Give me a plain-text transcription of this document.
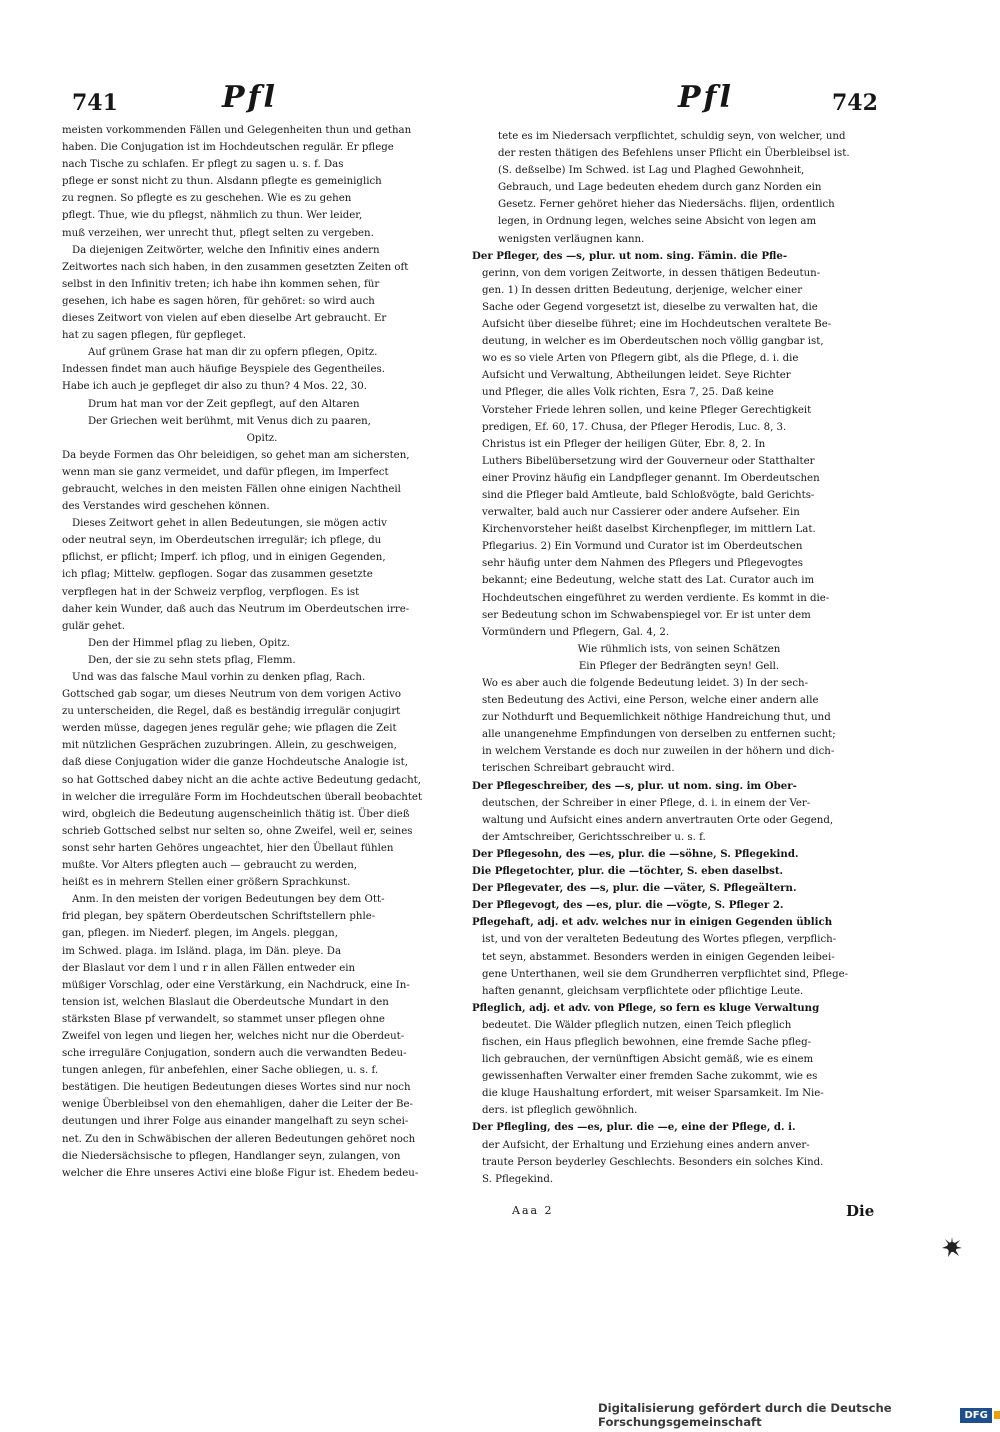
741	Pfl	Pfl	742
meisten vorkommenden Fällen und Gelegenheiten thun und gethan
haben. Die Conjugation ist im Hochdeutschen regulär. Er pflege
nach Tische zu schlafen. Er pflegt zu sagen u. s. f. Das
pflege er sonst nicht zu thun. Alsdann pflegte es gemeiniglich
zu regnen. So pflegte es zu geschehen. Wie es zu gehen
pflegt. Thue, wie du pflegst, nähmlich zu thun. Wer leider,
muß verzeihen, wer unrecht thut, pflegt selten zu vergeben.
Da diejenigen Zeitwörter, welche den Infinitiv eines andern
Zeitwortes nach sich haben, in den zusammen gesetzten Zeiten oft
selbst in den Infinitiv treten; ich habe ihn kommen sehen, für
gesehen, ich habe es sagen hören, für gehöret: so wird auch
dieses Zeitwort von vielen auf eben dieselbe Art gebraucht. Er
hat zu sagen pflegen, für gepfleget.
Auf grünem Grase hat man dir zu opfern pflegen, Opitz.
Indessen findet man auch häufige Beyspiele des Gegentheiles.
Habe ich auch je gepfleget dir also zu thun? 4 Mos. 22, 30.
Drum hat man vor der Zeit gepflegt, auf den Altaren
Der Griechen weit berühmt, mit Venus dich zu paaren,
Opitz.
Da beyde Formen das Ohr beleidigen, so gehet man am sichersten,
wenn man sie ganz vermeidet, und dafür pflegen, im Imperfect
gebraucht, welches in den meisten Fällen ohne einigen Nachtheil
des Verstandes wird geschehen können.
Dieses Zeitwort gehet in allen Bedeutungen, sie mögen activ
oder neutral seyn, im Oberdeutschen irregulär; ich pflege, du
pflichst, er pflicht; Imperf. ich pflog, und in einigen Gegenden,
ich pflag; Mittelw. gepflogen. Sogar das zusammen gesetzte
verpflegen hat in der Schweiz verpflog, verpflogen. Es ist
daher kein Wunder, daß auch das Neutrum im Oberdeutschen irre-
gulär gehet.
Den der Himmel pflag zu lieben, Opitz.
Den, der sie zu sehn stets pflag, Flemm.
Und was das falsche Maul vorhin zu denken pflag, Rach.
Gottsched gab sogar, um dieses Neutrum von dem vorigen Activo
zu unterscheiden, die Regel, daß es beständig irregulär conjugirt
werden müsse, dagegen jenes regulär gehe; wie pflagen die Zeit
mit nützlichen Gesprächen zuzubringen. Allein, zu geschweigen,
daß diese Conjugation wider die ganze Hochdeutsche Analogie ist,
so hat Gottsched dabey nicht an die achte active Bedeutung gedacht,
in welcher die irreguläre Form im Hochdeutschen überall beobachtet
wird, obgleich die Bedeutung augenscheinlich thätig ist. Über dieß
schrieb Gottsched selbst nur selten so, ohne Zweifel, weil er, seines
sonst sehr harten Gehöres ungeachtet, hier den Übellaut fühlen
mußte. Vor Alters pflegten auch — gebraucht zu werden,
heißt es in mehrern Stellen einer größern Sprachkunst.
Anm. In den meisten der vorigen Bedeutungen bey dem Ott-
frid plegan, bey spätern Oberdeutschen Schriftstellern phle-
gan, pflegen. im Niederf. plegen, im Angels. pleggan,
im Schwed. plaga. im Isländ. plaga, im Dän. pleye. Da
der Blaslaut vor dem l und r in allen Fällen entweder ein
müßiger Vorschlag, oder eine Verstärkung, ein Nachdruck, eine In-
tension ist, welchen Blaslaut die Oberdeutsche Mundart in den
stärksten Blase pf verwandelt, so stammet unser pflegen ohne
Zweifel von legen und liegen her, welches nicht nur die Oberdeut-
sche irreguläre Conjugation, sondern auch die verwandten Bedeu-
tungen anlegen, für anbefehlen, einer Sache obliegen, u. s. f.
bestätigen. Die heutigen Bedeutungen dieses Wortes sind nur noch
wenige Überbleibsel von den ehemahligen, daher die Leiter der Be-
deutungen und ihrer Folge aus einander mangelhaft zu seyn schei-
net. Zu den in Schwäbischen der alleren Bedeutungen gehöret noch
die Niedersächsische to pflegen, Handlanger seyn, zulangen, von
welcher die Ehre unseres Activi eine bloße Figur ist. Ehedem bedeu-
tete es im Niedersach verpflichtet, schuldig seyn, von welcher, und
der resten thätigen des Befehlens unser Pflicht ein Überbleibsel ist.
(S. deßselbe) Im Schwed. ist Lag und Plaghed Gewohnheit,
Gebrauch, und Lage bedeuten ehedem durch ganz Norden ein
Gesetz. Ferner gehöret hieher das Niedersächs. flijen, ordentlich
legen, in Ordnung legen, welches seine Absicht von legen am
wenigsten verläugnen kann.
Der Pfleger, des —s, plur. ut nom. sing. Fämin. die Pfle-
gerinn, von dem vorigen Zeitworte, in dessen thätigen Bedeutun-
gen. 1) In dessen dritten Bedeutung, derjenige, welcher einer
Sache oder Gegend vorgesetzt ist, dieselbe zu verwalten hat, die
Aufsicht über dieselbe führet; eine im Hochdeutschen veraltete Be-
deutung, in welcher es im Oberdeutschen noch völlig gangbar ist,
wo es so viele Arten von Pflegern gibt, als die Pflege, d. i. die
Aufsicht und Verwaltung, Abtheilungen leidet. Seye Richter
und Pfleger, die alles Volk richten, Esra 7, 25. Daß keine
Vorsteher Friede lehren sollen, und keine Pfleger Gerechtigkeit
predigen, Ef. 60, 17. Chusa, der Pfleger Herodis, Luc. 8, 3.
Christus ist ein Pfleger der heiligen Güter, Ebr. 8, 2. In
Luthers Bibelübersetzung wird der Gouverneur oder Statthalter
einer Provinz häufig ein Landpfleger genannt. Im Oberdeutschen
sind die Pfleger bald Amtleute, bald Schloßvögte, bald Gerichts-
verwalter, bald auch nur Cassierer oder andere Aufseher. Ein
Kirchenvorsteher heißt daselbst Kirchenpfleger, im mittlern Lat.
Pflegarius. 2) Ein Vormund und Curator ist im Oberdeutschen
sehr häufig unter dem Nahmen des Pflegers und Pflegevogtes
bekannt; eine Bedeutung, welche statt des Lat. Curator auch im
Hochdeutschen eingeführet zu werden verdiente. Es kommt in die-
ser Bedeutung schon im Schwabenspiegel vor. Er ist unter dem
Vormündern und Pflegern, Gal. 4, 2.
Wie rühmlich ists, von seinen Schätzen
Ein Pfleger der Bedrängten seyn! Gell.
Wo es aber auch die folgende Bedeutung leidet. 3) In der sech-
sten Bedeutung des Activi, eine Person, welche einer andern alle
zur Nothdurft und Bequemlichkeit nöthige Handreichung thut, und
alle unangenehme Empfindungen von derselben zu entfernen sucht;
in welchem Verstande es doch nur zuweilen in der höhern und dich-
terischen Schreibart gebraucht wird.
Der Pflegeschreiber, des —s, plur. ut nom. sing. im Ober-
deutschen, der Schreiber in einer Pflege, d. i. in einem der Ver-
waltung und Aufsicht eines andern anvertrauten Orte oder Gegend,
der Amtschreiber, Gerichtsschreiber u. s. f.
Der Pflegesohn, des —es, plur. die —söhne, S. Pflegekind.
Die Pflegetochter, plur. die —töchter, S. eben daselbst.
Der Pflegevater, des —s, plur. die —väter, S. Pflegeältern.
Der Pflegevogt, des —es, plur. die —vögte, S. Pfleger 2.
Pflegehaft, adj. et adv. welches nur in einigen Gegenden üblich
ist, und von der veralteten Bedeutung des Wortes pflegen, verpflich-
tet seyn, abstammet. Besonders werden in einigen Gegenden leibei-
gene Unterthanen, weil sie dem Grundherren verpflichtet sind, Pflege-
haften genannt, gleichsam verpflichtete oder pflichtige Leute.
Pfleglich, adj. et adv. von Pflege, so fern es kluge Verwaltung
bedeutet. Die Wälder pfleglich nutzen, einen Teich pfleglich
fischen, ein Haus pfleglich bewohnen, eine fremde Sache pfleg-
lich gebrauchen, der vernünftigen Absicht gemäß, wie es einem
gewissenhaften Verwalter einer fremden Sache zukommt, wie es
die kluge Haushaltung erfordert, mit weiser Sparsamkeit. Im Nie-
ders. ist pfleglich gewöhnlich.
Der Pflegling, des —es, plur. die —e, eine der Pflege, d. i.
der Aufsicht, der Erhaltung und Erziehung eines andern anver-
traute Person beyderley Geschlechts. Besonders ein solches Kind.
S. Pflegekind.
Aaa 2	Die
Digitalisierung gefördert durch die Deutsche Forschungsgemeinschaft	DFG
